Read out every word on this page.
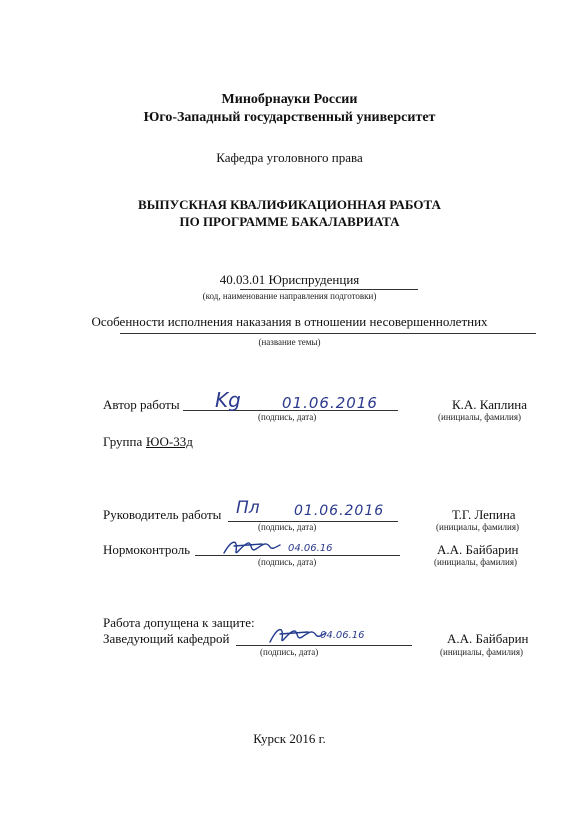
Минобрнауки России
Юго-Западный государственный университет
Кафедра уголовного права
ВЫПУСКНАЯ КВАЛИФИКАЦИОННАЯ РАБОТА
ПО ПРОГРАММЕ БАКАЛАВРИАТА
40.03.01 Юриспруденция
(код, наименование направления подготовки)
Особенности исполнения наказания в отношении несовершеннолетних
(название темы)
Автор работы Kg	01.06.2016
(подпись, дата)
К.А. Каплина
(инициалы, фамилия)
Группа ЮО-33д
Руководитель работы Пл 01.06.2016
(подпись, дата)
Т.Г. Лепина
(инициалы, фамилия)
Нормоконтроль	04.06.16
(подпись, дата)
А.А. Байбарин
(инициалы, фамилия)
Работа допущена к защите:
Заведующий кафедрой	04.06.16
(подпись, дата)
А.А. Байбарин
(инициалы, фамилия)
Курск 2016 г.
